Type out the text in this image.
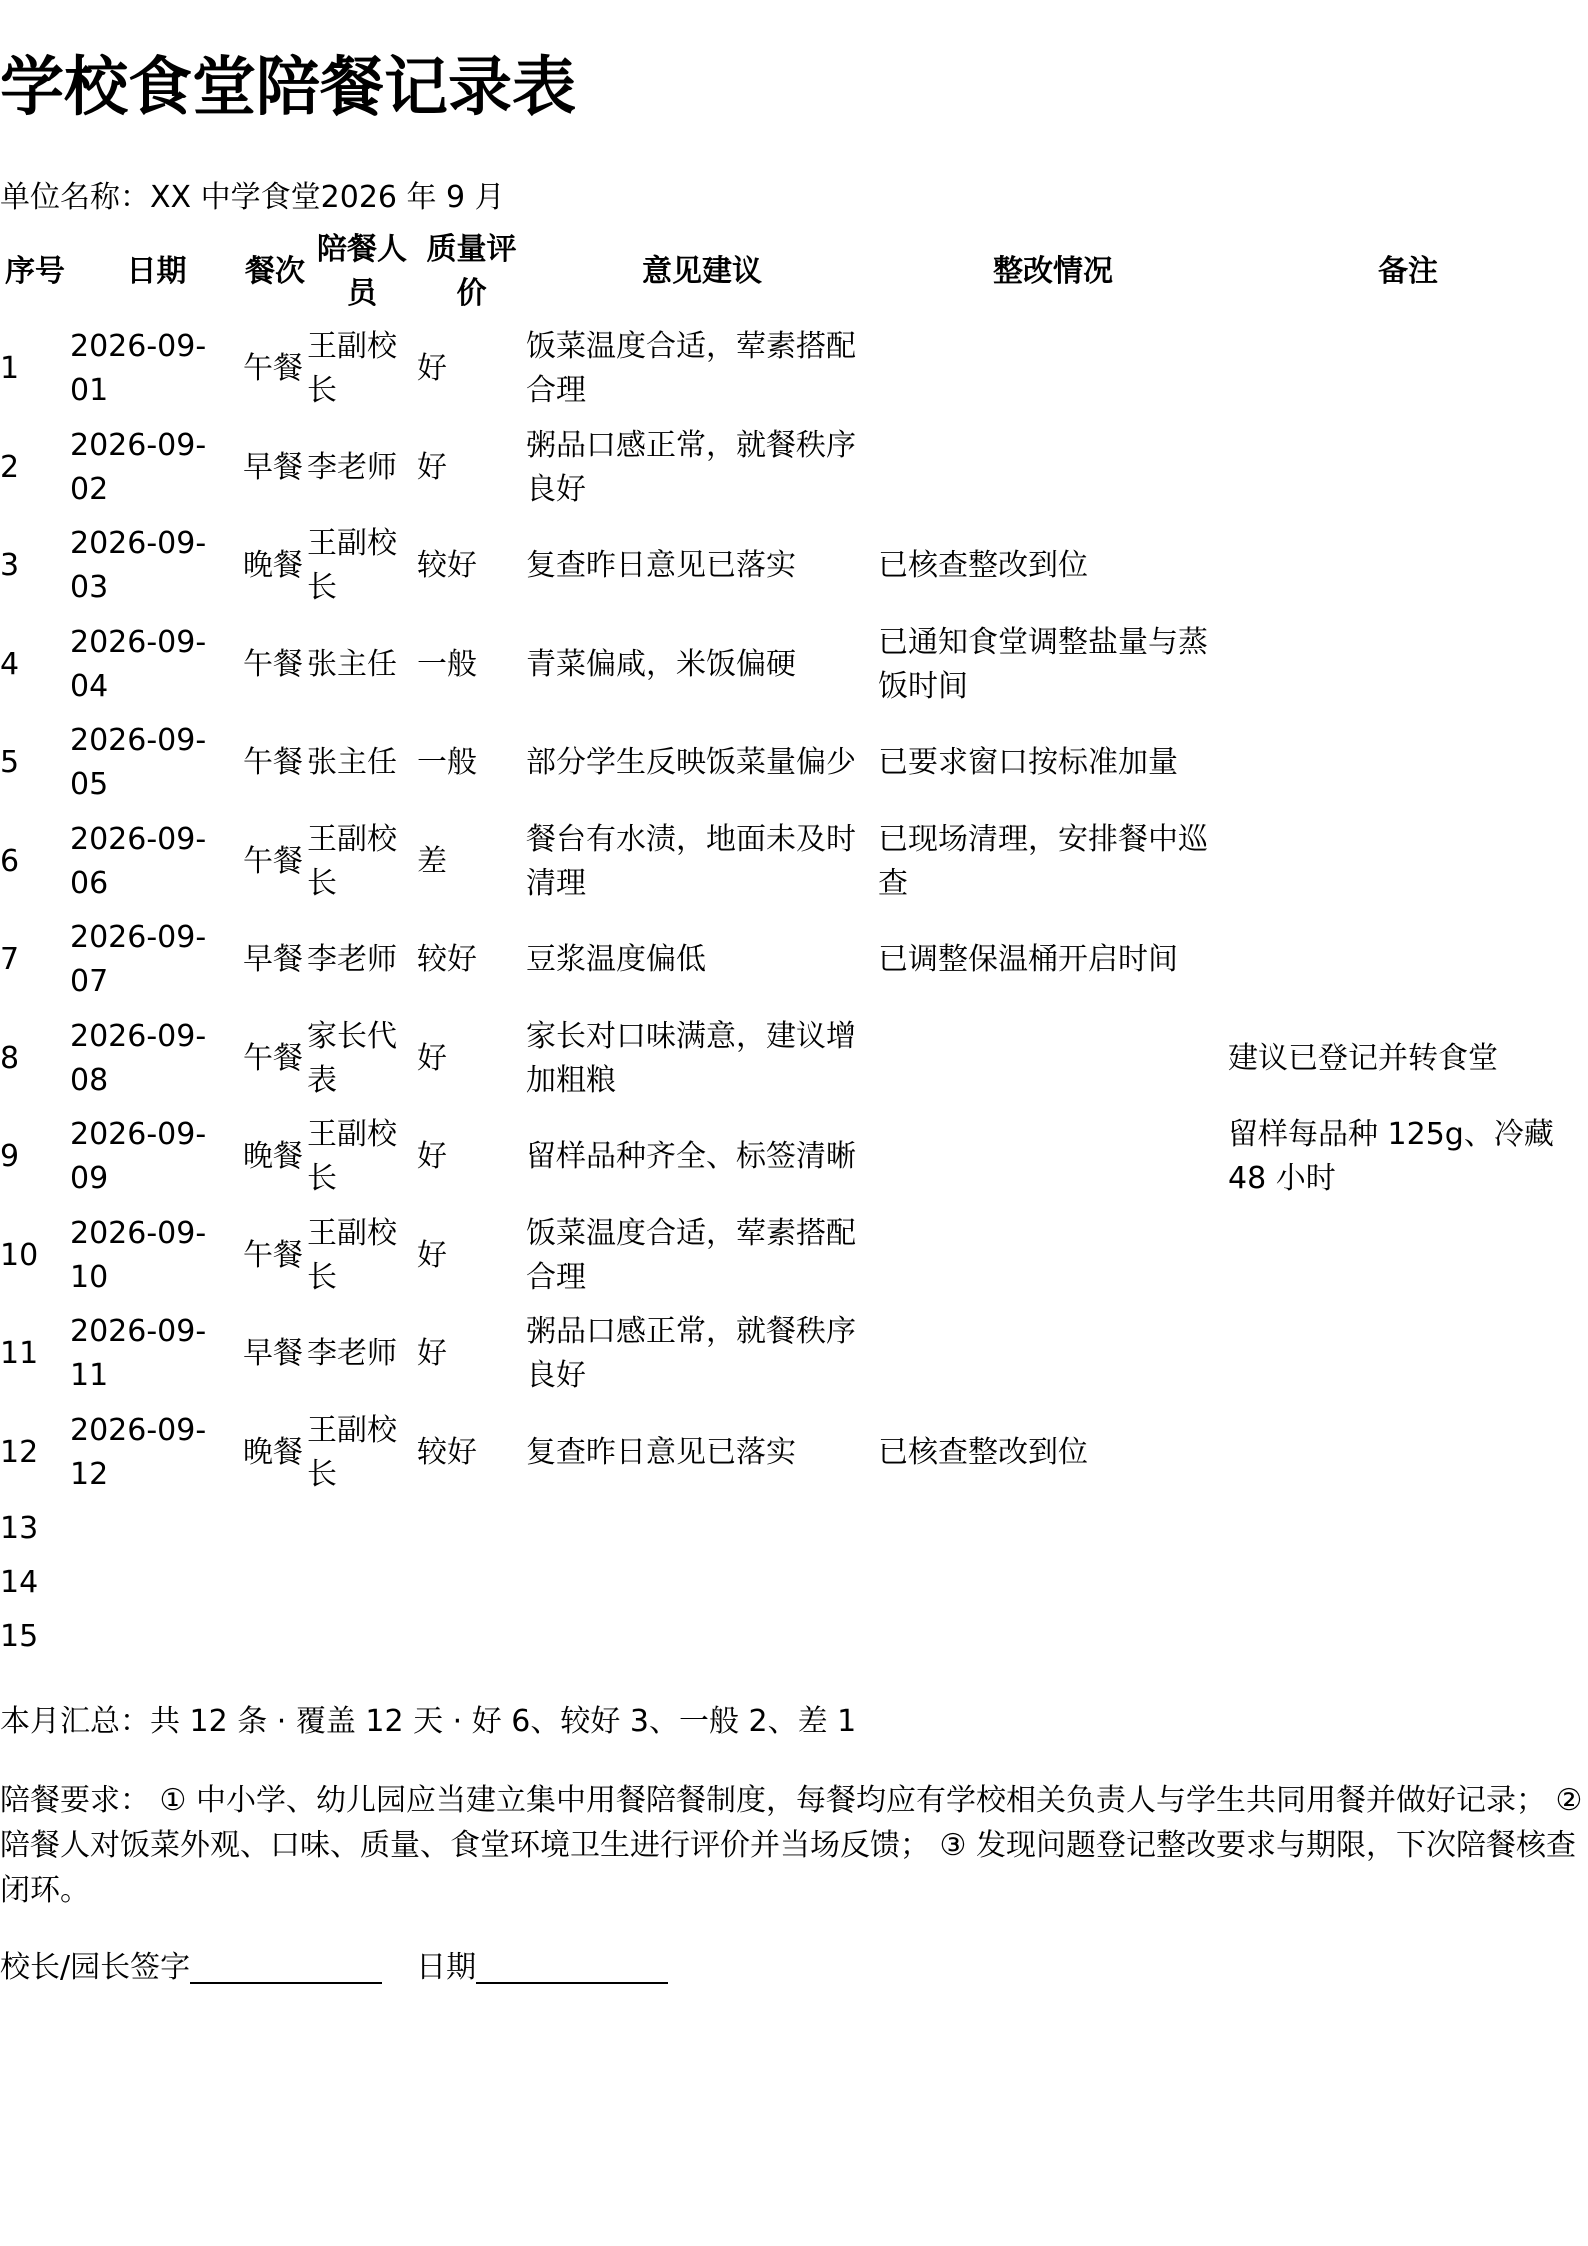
学校食堂陪餐记录表
单位名称：XX 中学食堂2026 年 9 月
序号	日期	餐次	陪餐人员	质量评价	意见建议	整改情况	备注
1	2026-09-01	午餐	王副校长	好	饭菜温度合适，荤素搭配合理		
2	2026-09-02	早餐	李老师	好	粥品口感正常，就餐秩序良好		
3	2026-09-03	晚餐	王副校长	较好	复查昨日意见已落实	已核查整改到位	
4	2026-09-04	午餐	张主任	一般	青菜偏咸，米饭偏硬	已通知食堂调整盐量与蒸饭时间	
5	2026-09-05	午餐	张主任	一般	部分学生反映饭菜量偏少	已要求窗口按标准加量	
6	2026-09-06	午餐	王副校长	差	餐台有水渍，地面未及时清理	已现场清理，安排餐中巡查	
7	2026-09-07	早餐	李老师	较好	豆浆温度偏低	已调整保温桶开启时间	
8	2026-09-08	午餐	家长代表	好	家长对口味满意，建议增加粗粮		建议已登记并转食堂
9	2026-09-09	晚餐	王副校长	好	留样品种齐全、标签清晰		留样每品种 125g、冷藏 48 小时
10	2026-09-10	午餐	王副校长	好	饭菜温度合适，荤素搭配合理		
11	2026-09-11	早餐	李老师	好	粥品口感正常，就餐秩序良好		
12	2026-09-12	晚餐	王副校长	较好	复查昨日意见已落实	已核查整改到位	
13							
14							
15							
本月汇总：共 12 条 · 覆盖 12 天 · 好 6、较好 3、一般 2、差 1
陪餐要求： ① 中小学、幼儿园应当建立集中用餐陪餐制度，每餐均应有学校相关负责人与学生共同用餐并做好记录； ② 陪餐人对饭菜外观、口味、质量、食堂环境卫生进行评价并当场反馈； ③ 发现问题登记整改要求与期限，下次陪餐核查闭环。
校长/园长签字	日期
